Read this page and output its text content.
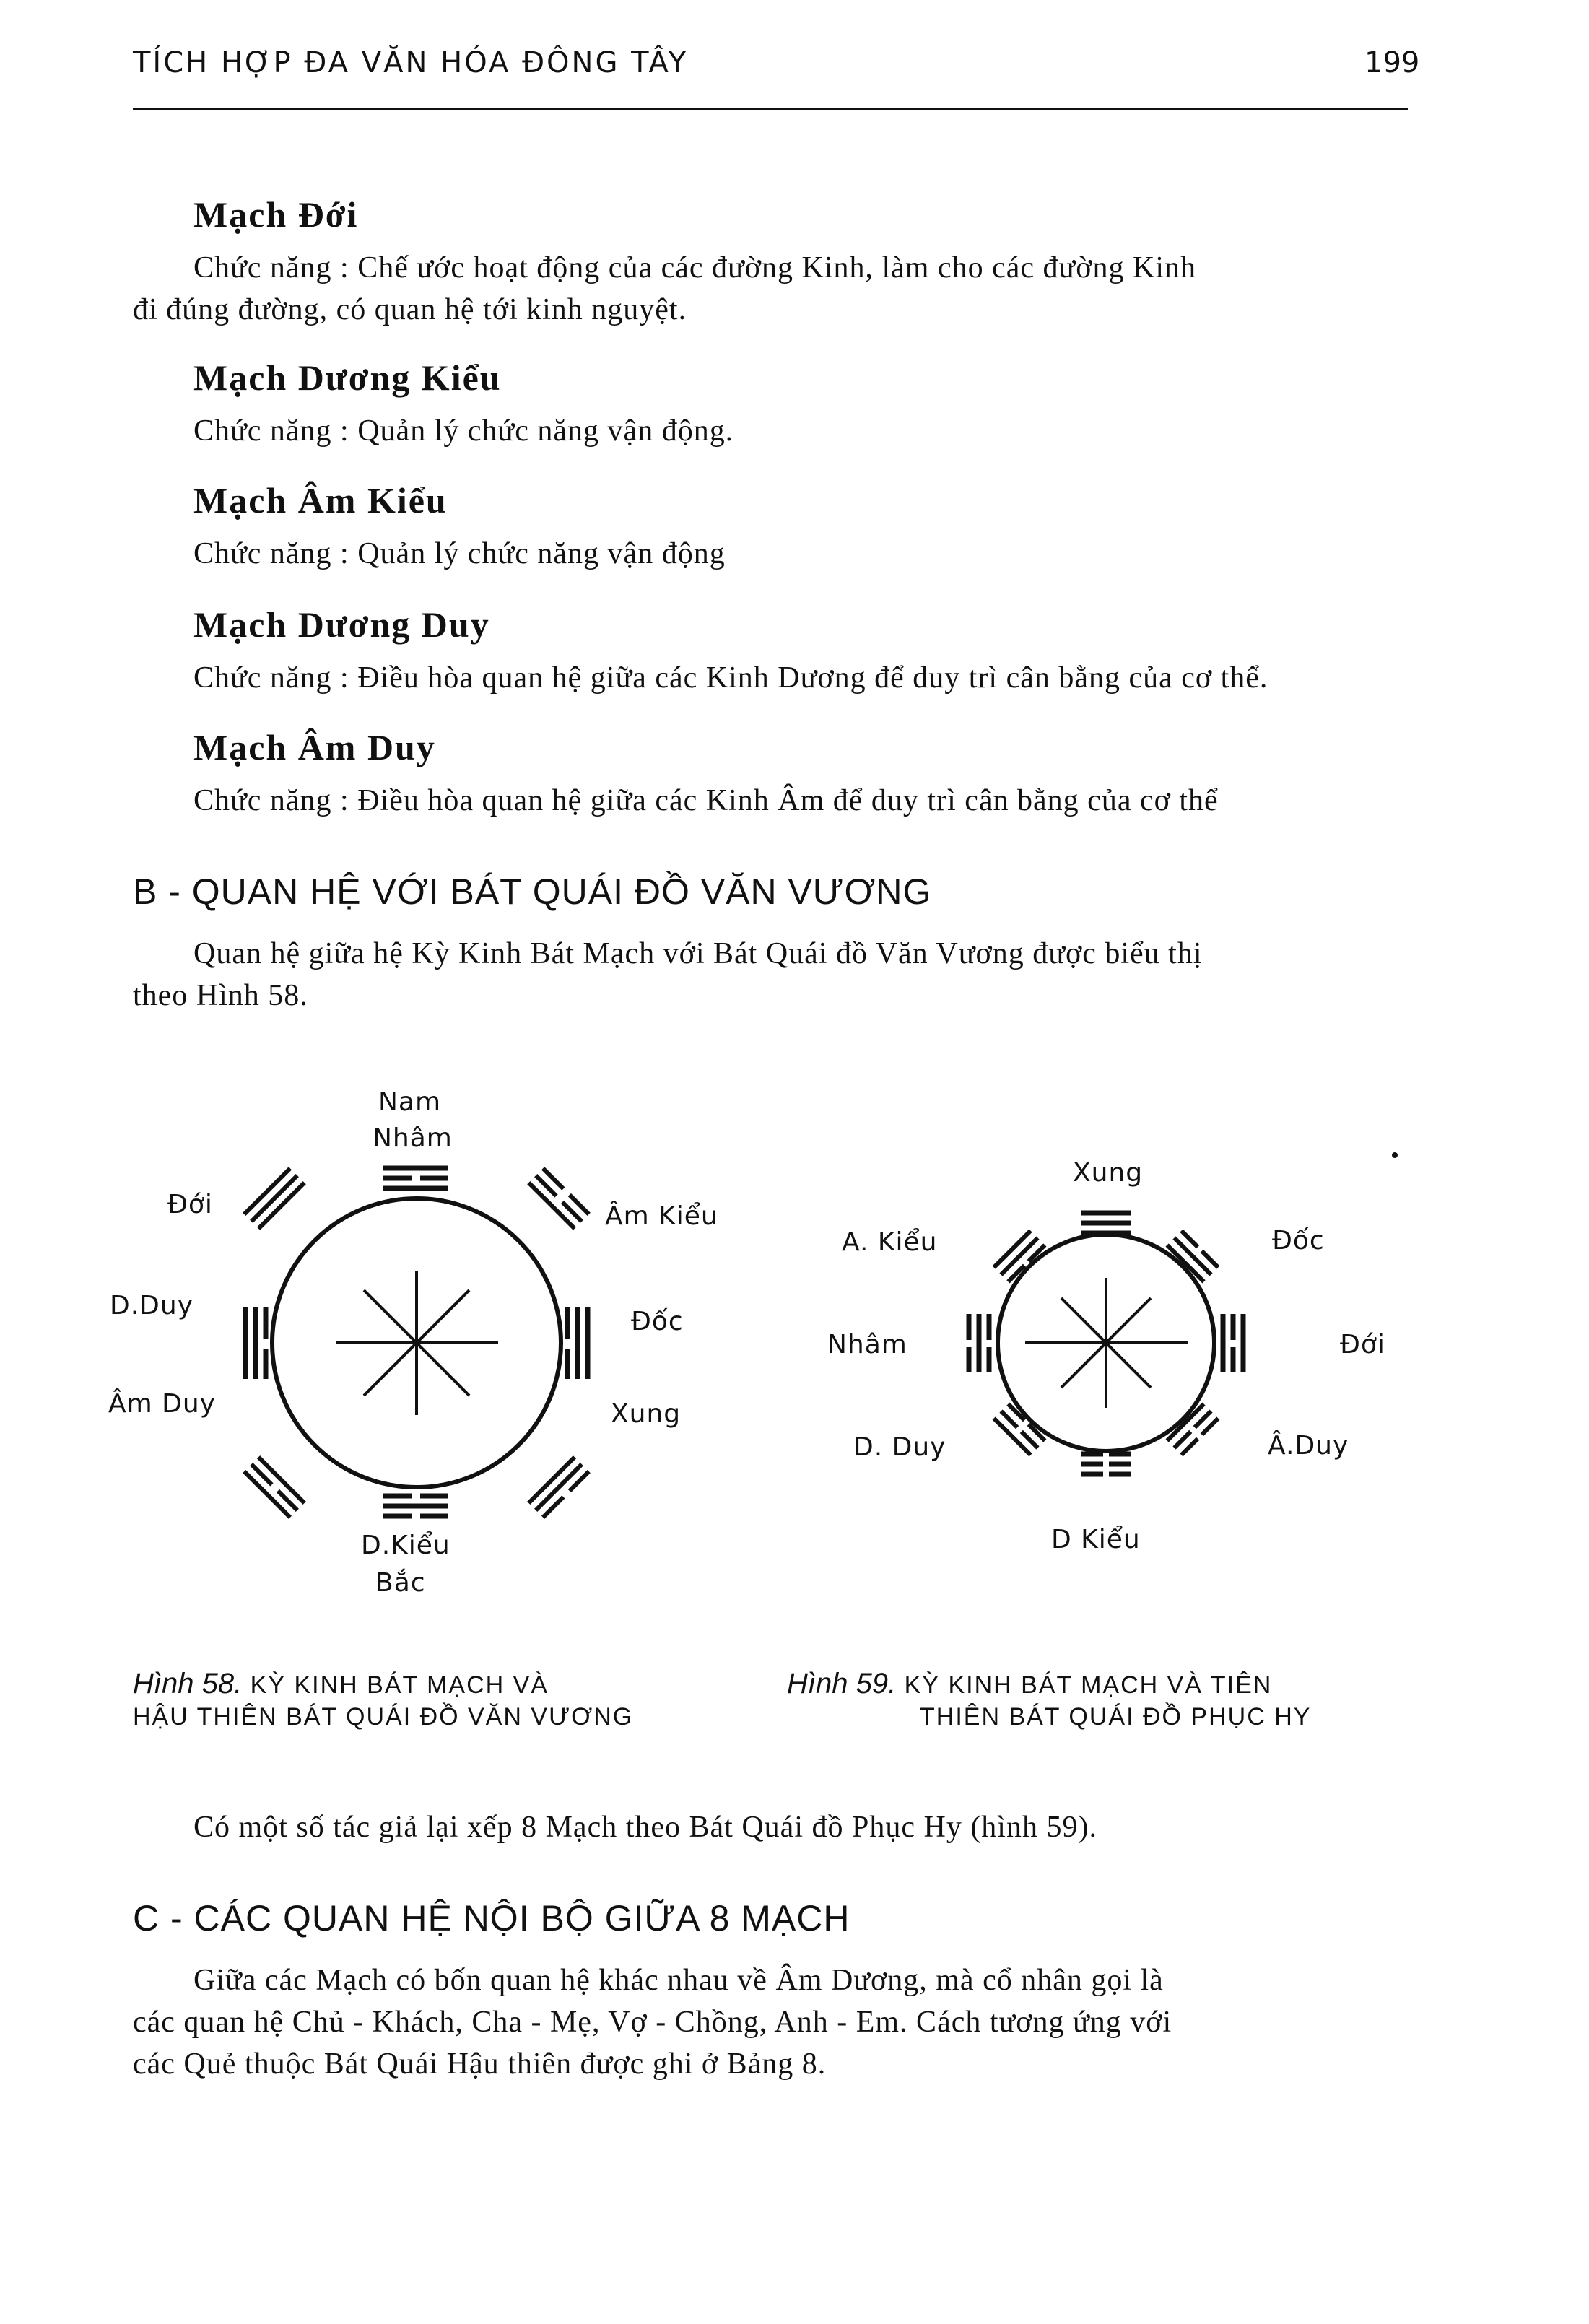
TÍCH HỢP ĐA VĂN HÓA ĐÔNG TÂY	199
Mạch Đới
Chức năng : Chế ước hoạt động của các đường Kinh, làm cho các đường Kinh
đi đúng đường, có quan hệ tới kinh nguyệt.
Mạch Dương Kiểu
Chức năng : Quản lý chức năng vận động.
Mạch Âm Kiểu
Chức năng : Quản lý chức năng vận động
Mạch Dương Duy
Chức năng : Điều hòa quan hệ giữa các Kinh Dương để duy trì cân bằng của cơ thể.
Mạch Âm Duy
Chức năng : Điều hòa quan hệ giữa các Kinh Âm để duy trì cân bằng của cơ thể
B - QUAN HỆ VỚI BÁT QUÁI ĐỒ VĂN VƯƠNG
Quan hệ giữa hệ Kỳ Kinh Bát Mạch với Bát Quái đồ Văn Vương được biểu thị
theo Hình 58.
Nam
Nhâm
Đới	Âm Kiểu
D.Duy
Đốc
Âm Duy	Xung
D.Kiểu
Bắc
Xung
A. Kiểu	Đốc
Nhâm	Đới
D. Duy	Â.Duy
D Kiểu
Hình 58. KỲ KINH BÁT MẠCH VÀ
HẬU THIÊN BÁT QUÁI ĐỒ VĂN VƯƠNG
Hình 59. KỲ KINH BÁT MẠCH VÀ TIÊN
THIÊN BÁT QUÁI ĐỒ PHỤC HY
Có một số tác giả lại xếp 8 Mạch theo Bát Quái đồ Phục Hy (hình 59).
C - CÁC QUAN HỆ NỘI BỘ GIỮA 8 MẠCH
Giữa các Mạch có bốn quan hệ khác nhau về Âm Dương, mà cổ nhân gọi là
các quan hệ Chủ - Khách, Cha - Mẹ, Vợ - Chồng, Anh - Em. Cách tương ứng với
các Quẻ thuộc Bát Quái Hậu thiên được ghi ở Bảng 8.
